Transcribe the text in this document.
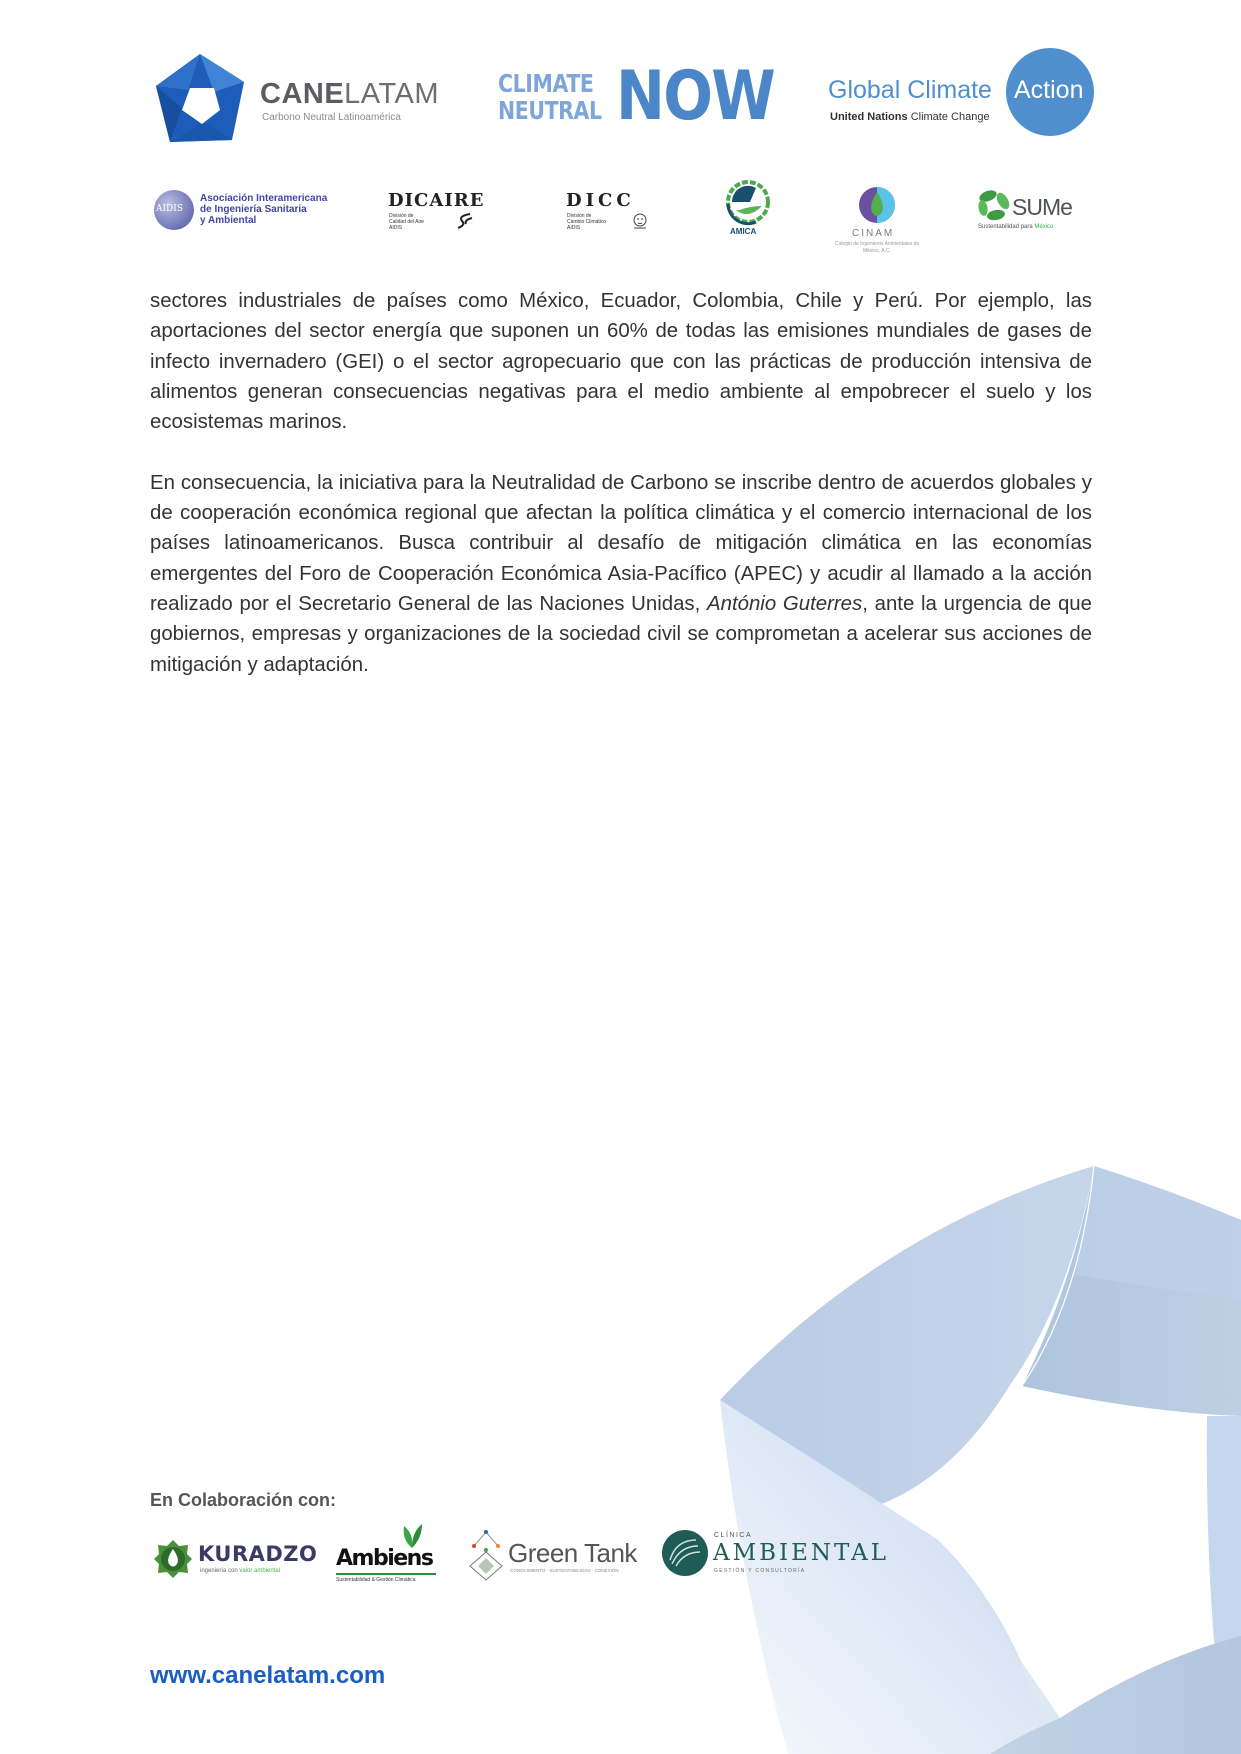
CANELATAM
Carbono Neutral Latinoamérica
CLIMATE
NEUTRAL NOW Global Climate Action
United Nations Climate Change
AIDIS
Asociación Interamericana
de Ingeniería Sanitaria
y Ambiental
DICAIRE
División de
Calidad del Aire
AIDIS
DICC
División de
Cambio Climático
AIDIS	AMICA	CINAM
Colegio de Ingenieros Ambientales de México, A.C.
SUMe
Sustentabilidad para México

sectores industriales de países como México, Ecuador, Colombia, Chile y Perú. Por ejemplo, las aportaciones del sector energía que suponen un 60% de todas las emisiones mundiales de gases de infecto invernadero (GEI) o el sector agropecuario que con las prácticas de producción intensiva de alimentos generan consecuencias negativas para el medio ambiente al empobrecer el suelo y los ecosistemas marinos.

En consecuencia, la iniciativa para la Neutralidad de Carbono se inscribe dentro de acuerdos globales y de cooperación económica regional que afectan la política climática y el comercio internacional de los países latinoamericanos. Busca contribuir al desafío de mitigación climática en las economías emergentes del Foro de Cooperación Económica Asia-Pacífico (APEC) y acudir al llamado a la acción realizado por el Secretario General de las Naciones Unidas, António Guterres, ante la urgencia de que gobiernos, empresas y organizaciones de la sociedad civil se comprometan a acelerar sus acciones de mitigación y adaptación.

En Colaboración con:
KURADZO
ingeniería con valor ambiental	Ambiens
Sustentabilidad & Gestión Climática
Green Tank
CONOCIMIENTO · SUSTENTABILIDAD · CONEXIÓN
CLÍNICA
AMBIENTAL
GESTIÓN Y CONSULTORÍA
www.canelatam.com
